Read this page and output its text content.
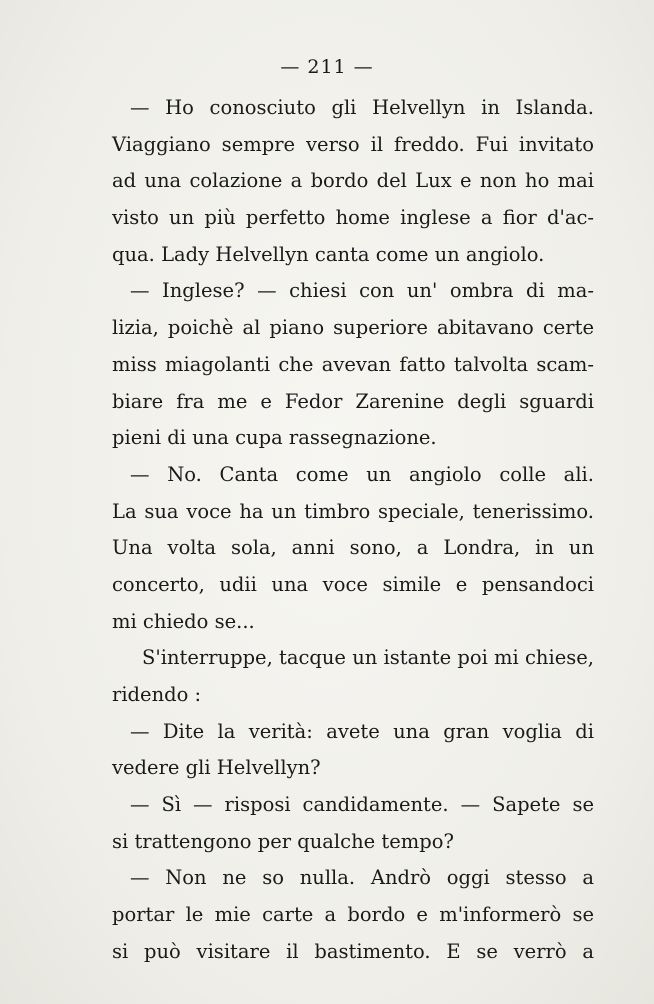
— 211 —
— Ho conosciuto gli Helvellyn in Islanda.
Viaggiano sempre verso il freddo. Fui invitato
ad una colazione a bordo del Lux e non ho mai
visto un più perfetto home inglese a fior d'ac-
qua. Lady Helvellyn canta come un angiolo.
— Inglese? — chiesi con un' ombra di ma-
lizia, poichè al piano superiore abitavano certe
miss miagolanti che avevan fatto talvolta scam-
biare fra me e Fedor Zarenine degli sguardi
pieni di una cupa rassegnazione.
— No. Canta come un angiolo colle ali.
La sua voce ha un timbro speciale, tenerissimo.
Una volta sola, anni sono, a Londra, in un
concerto, udii una voce simile e pensandoci
mi chiedo se...
S'interruppe, tacque un istante poi mi chiese,
ridendo :
— Dite la verità: avete una gran voglia di
vedere gli Helvellyn?
— Sì — risposi candidamente. — Sapete se
si trattengono per qualche tempo?
— Non ne so nulla. Andrò oggi stesso a
portar le mie carte a bordo e m'informerò se
si può visitare il bastimento. E se verrò a
